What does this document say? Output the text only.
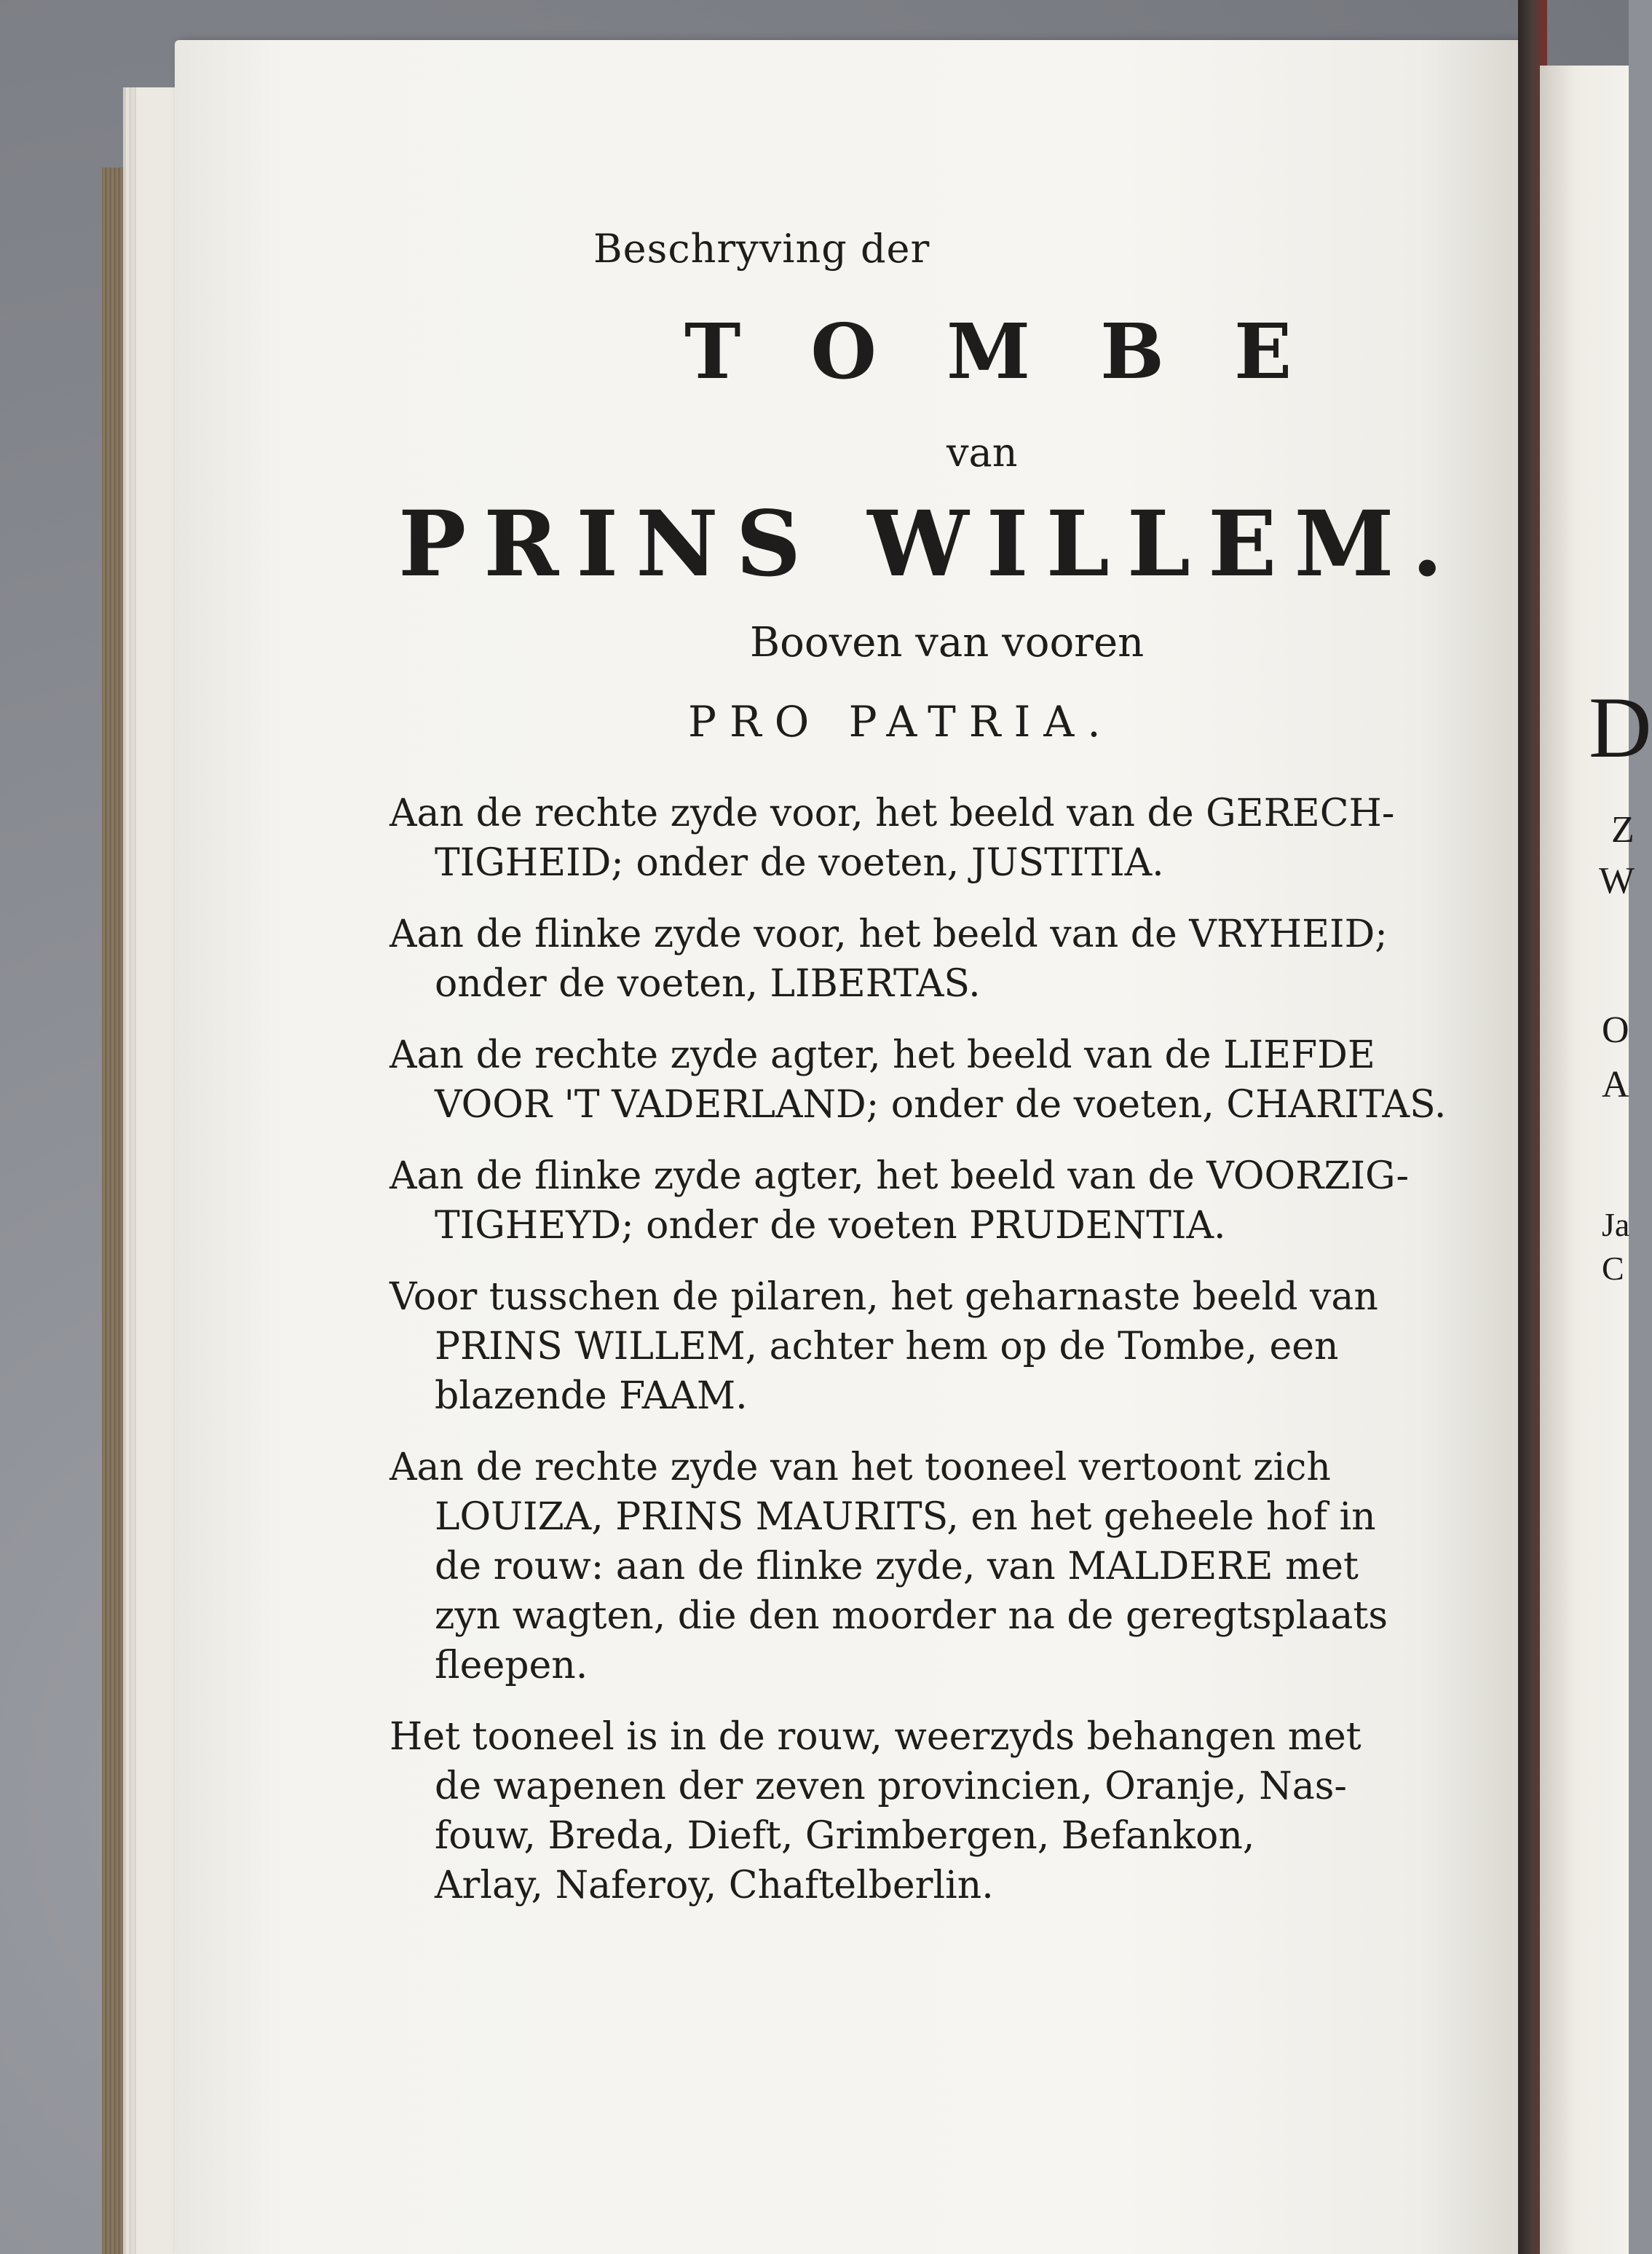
D
Z
W
O
A
Ja
C
Beschryving der
TOMBE
van
PRINS WILLEM.
Booven van vooren
PRO PATRIA.
Aan de rechte zyde voor, het beeld van de GERECH-
TIGHEID; onder de voeten, JUSTITIA.
Aan de flinke zyde voor, het beeld van de VRYHEID;
onder de voeten, LIBERTAS.
Aan de rechte zyde agter, het beeld van de LIEFDE
VOOR 'T VADERLAND; onder de voeten, CHARITAS.
Aan de flinke zyde agter, het beeld van de VOORZIG-
TIGHEYD; onder de voeten PRUDENTIA.
Voor tusschen de pilaren, het geharnaste beeld van
PRINS WILLEM, achter hem op de Tombe, een
blazende FAAM.
Aan de rechte zyde van het tooneel vertoont zich
LOUIZA, PRINS MAURITS, en het geheele hof in
de rouw: aan de flinke zyde, van MALDERE met
zyn wagten, die den moorder na de geregtsplaats
fleepen.
Het tooneel is in de rouw, weerzyds behangen met
de wapenen der zeven provincien, Oranje, Nas-
fouw, Breda, Dieft, Grimbergen, Befankon,
Arlay, Naferoy, Chaftelberlin.
